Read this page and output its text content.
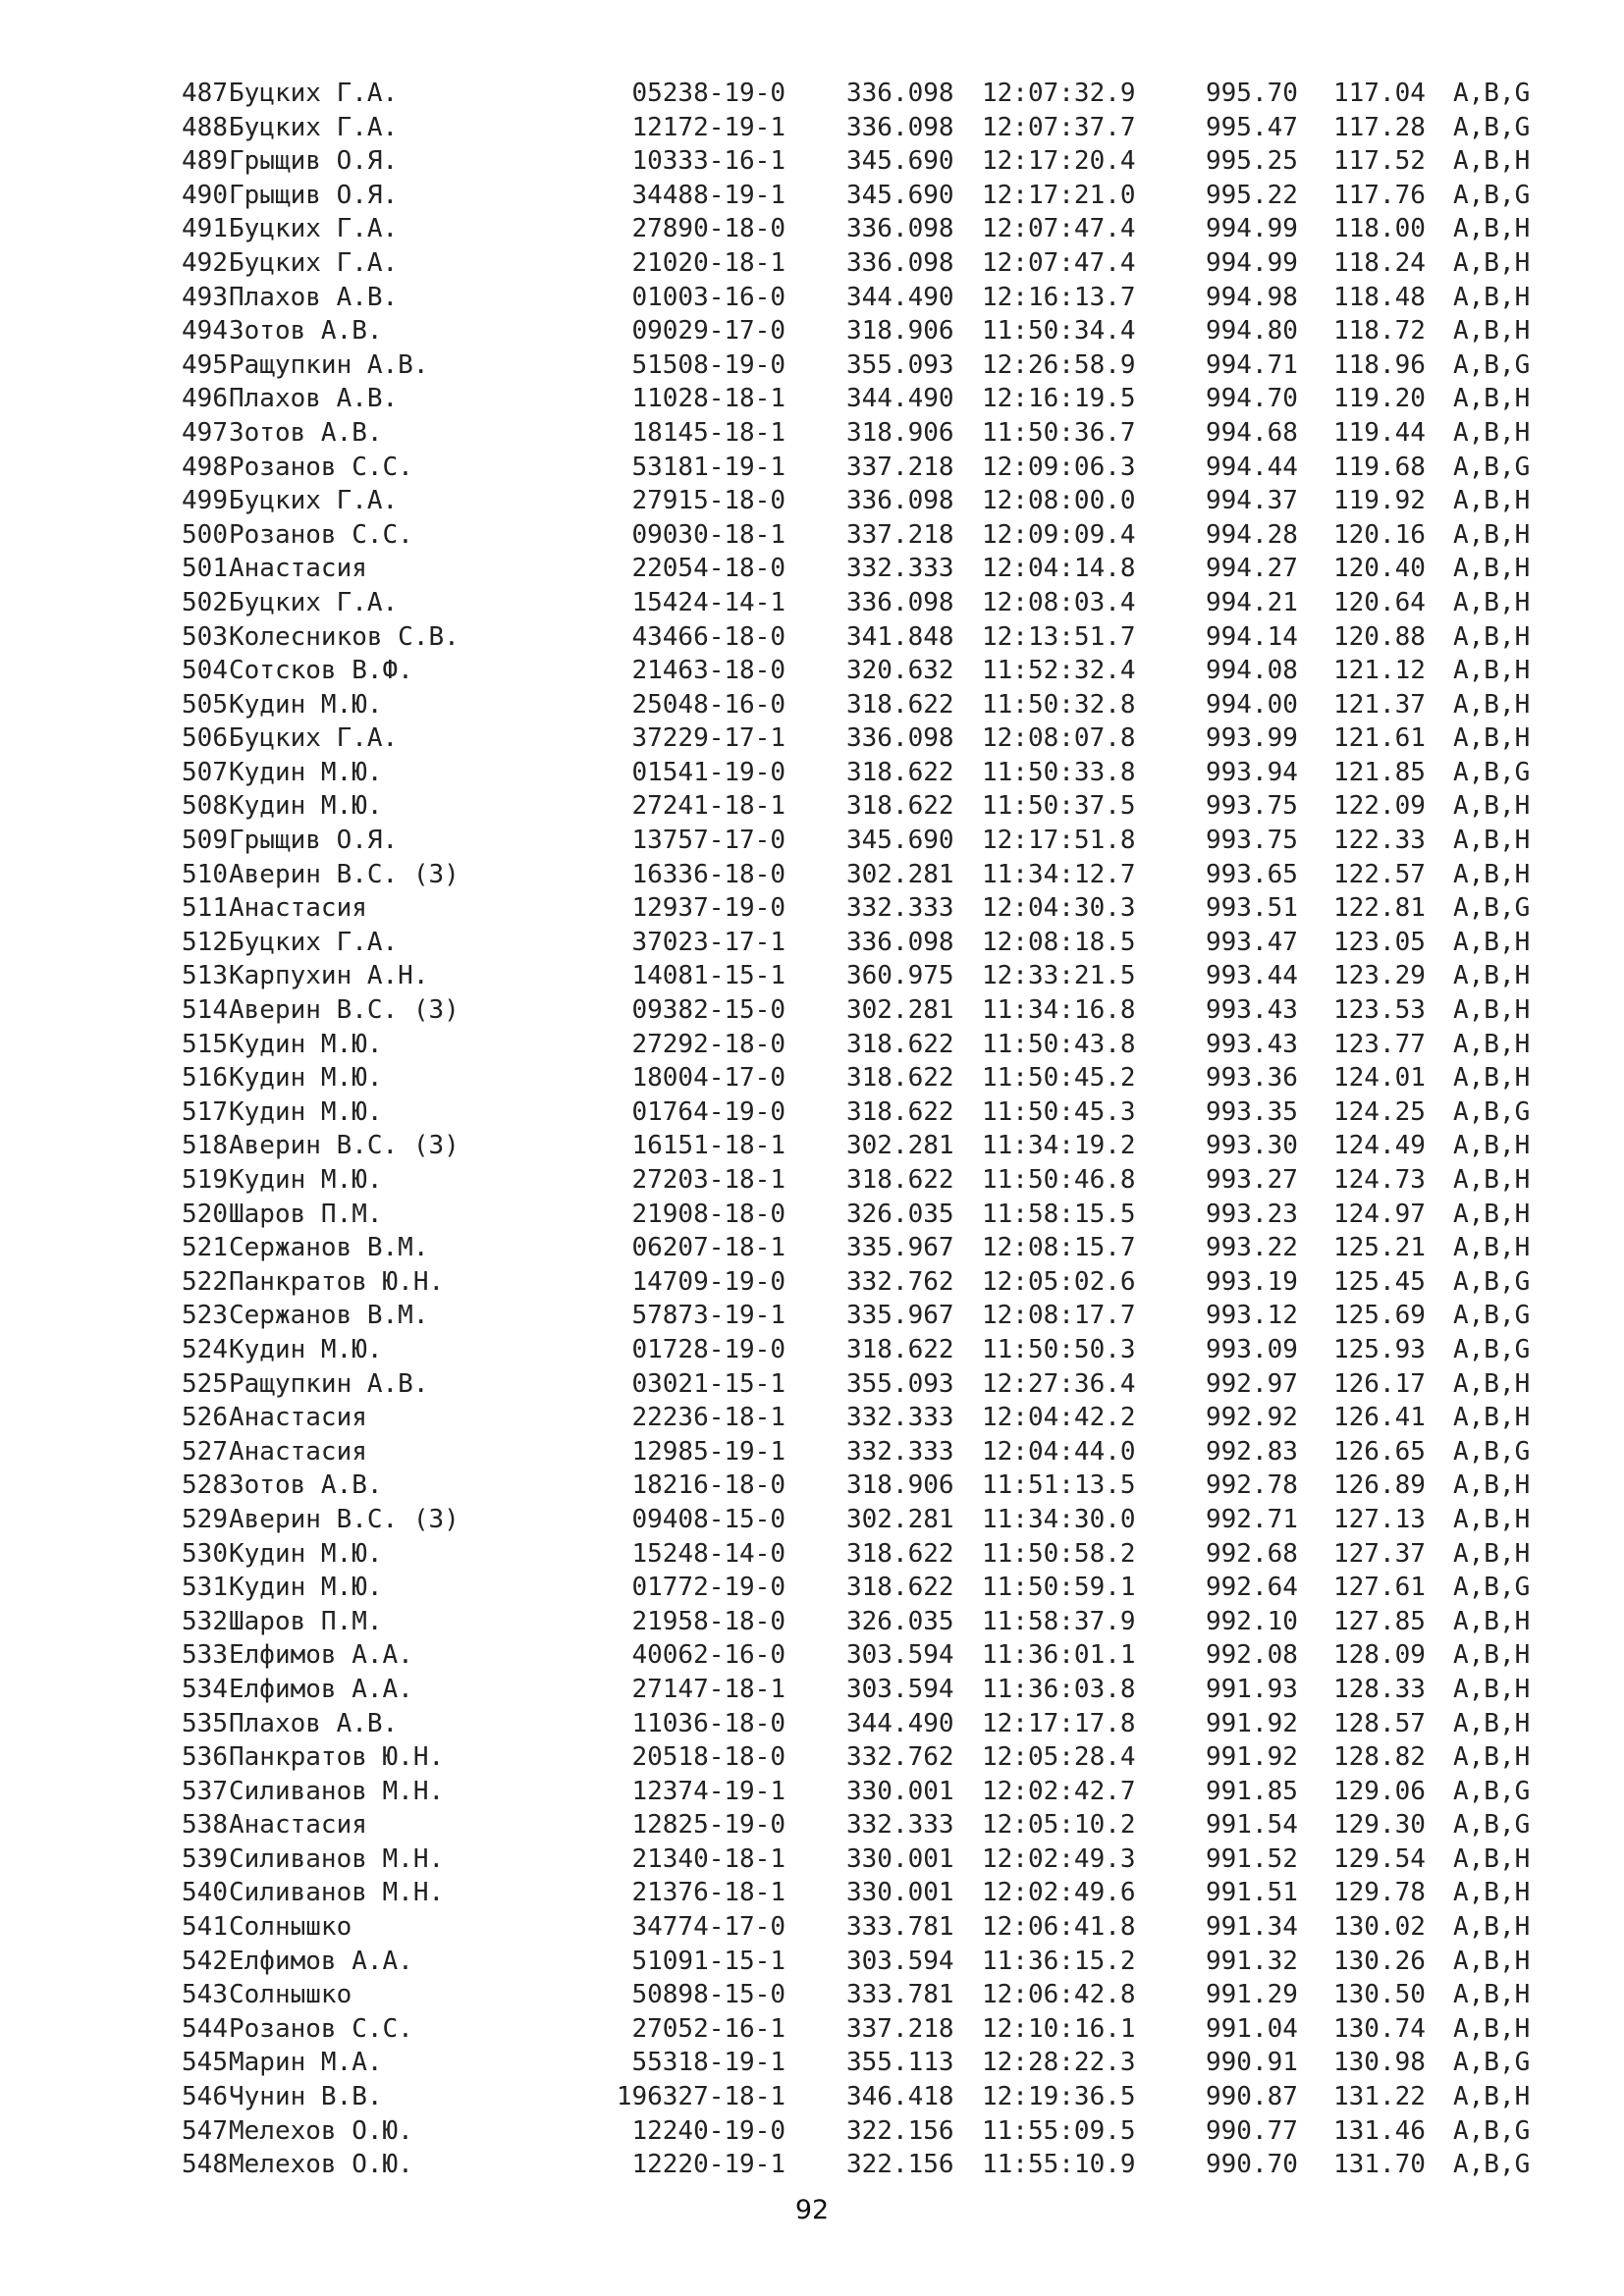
487 Буцких Г.А.	05238-19-0 336.098 12:07:32.9	995.70 117.04 A,B,G
488 Буцких Г.А.	12172-19-1 336.098 12:07:37.7	995.47 117.28 A,B,G
489 Грыщив О.Я.	10333-16-1 345.690 12:17:20.4	995.25 117.52 A,B,H
490 Грыщив О.Я.	34488-19-1 345.690 12:17:21.0	995.22 117.76 A,B,G
491 Буцких Г.А.	27890-18-0 336.098 12:07:47.4	994.99 118.00 A,B,H
492 Буцких Г.А.	21020-18-1 336.098 12:07:47.4	994.99 118.24 A,B,H
493 Плахов А.В.	01003-16-0 344.490 12:16:13.7	994.98 118.48 A,B,H
494 Зотов А.В.	09029-17-0 318.906 11:50:34.4	994.80 118.72 A,B,H
495 Ращупкин А.В.	51508-19-0 355.093 12:26:58.9	994.71 118.96 A,B,G
496 Плахов А.В.	11028-18-1 344.490 12:16:19.5	994.70 119.20 A,B,H
497 Зотов А.В.	18145-18-1 318.906 11:50:36.7	994.68 119.44 A,B,H
498 Розанов С.С.	53181-19-1 337.218 12:09:06.3	994.44 119.68 A,B,G
499 Буцких Г.А.	27915-18-0 336.098 12:08:00.0	994.37 119.92 A,B,H
500 Розанов С.С.	09030-18-1 337.218 12:09:09.4	994.28 120.16 A,B,H
501 Анастасия	22054-18-0 332.333 12:04:14.8	994.27 120.40 A,B,H
502 Буцких Г.А.	15424-14-1 336.098 12:08:03.4	994.21 120.64 A,B,H
503 Колесников С.В.	43466-18-0 341.848 12:13:51.7	994.14 120.88 A,B,H
504 Сотсков В.Ф.	21463-18-0 320.632 11:52:32.4	994.08 121.12 A,B,H
505 Кудин М.Ю.	25048-16-0 318.622 11:50:32.8	994.00 121.37 A,B,H
506 Буцких Г.А.	37229-17-1 336.098 12:08:07.8	993.99 121.61 A,B,H
507 Кудин М.Ю.	01541-19-0 318.622 11:50:33.8	993.94 121.85 A,B,G
508 Кудин М.Ю.	27241-18-1 318.622 11:50:37.5	993.75 122.09 A,B,H
509 Грыщив О.Я.	13757-17-0 345.690 12:17:51.8	993.75 122.33 A,B,H
510 Аверин В.С. (З)	16336-18-0 302.281 11:34:12.7	993.65 122.57 A,B,H
511 Анастасия	12937-19-0 332.333 12:04:30.3	993.51 122.81 A,B,G
512 Буцких Г.А.	37023-17-1 336.098 12:08:18.5	993.47 123.05 A,B,H
513 Карпухин А.Н.	14081-15-1 360.975 12:33:21.5	993.44 123.29 A,B,H
514 Аверин В.С. (З)	09382-15-0 302.281 11:34:16.8	993.43 123.53 A,B,H
515 Кудин М.Ю.	27292-18-0 318.622 11:50:43.8	993.43 123.77 A,B,H
516 Кудин М.Ю.	18004-17-0 318.622 11:50:45.2	993.36 124.01 A,B,H
517 Кудин М.Ю.	01764-19-0 318.622 11:50:45.3	993.35 124.25 A,B,G
518 Аверин В.С. (З)	16151-18-1 302.281 11:34:19.2	993.30 124.49 A,B,H
519 Кудин М.Ю.	27203-18-1 318.622 11:50:46.8	993.27 124.73 A,B,H
520 Шаров П.М.	21908-18-0 326.035 11:58:15.5	993.23 124.97 A,B,H
521 Сержанов В.М.	06207-18-1 335.967 12:08:15.7	993.22 125.21 A,B,H
522 Панкратов Ю.Н.	14709-19-0 332.762 12:05:02.6	993.19 125.45 A,B,G
523 Сержанов В.М.	57873-19-1 335.967 12:08:17.7	993.12 125.69 A,B,G
524 Кудин М.Ю.	01728-19-0 318.622 11:50:50.3	993.09 125.93 A,B,G
525 Ращупкин А.В.	03021-15-1 355.093 12:27:36.4	992.97 126.17 A,B,H
526 Анастасия	22236-18-1 332.333 12:04:42.2	992.92 126.41 A,B,H
527 Анастасия	12985-19-1 332.333 12:04:44.0	992.83 126.65 A,B,G
528 Зотов А.В.	18216-18-0 318.906 11:51:13.5	992.78 126.89 A,B,H
529 Аверин В.С. (З)	09408-15-0 302.281 11:34:30.0	992.71 127.13 A,B,H
530 Кудин М.Ю.	15248-14-0 318.622 11:50:58.2	992.68 127.37 A,B,H
531 Кудин М.Ю.	01772-19-0 318.622 11:50:59.1	992.64 127.61 A,B,G
532 Шаров П.М.	21958-18-0 326.035 11:58:37.9	992.10 127.85 A,B,H
533 Елфимов А.А.	40062-16-0 303.594 11:36:01.1	992.08 128.09 A,B,H
534 Елфимов А.А.	27147-18-1 303.594 11:36:03.8	991.93 128.33 A,B,H
535 Плахов А.В.	11036-18-0 344.490 12:17:17.8	991.92 128.57 A,B,H
536 Панкратов Ю.Н.	20518-18-0 332.762 12:05:28.4	991.92 128.82 A,B,H
537 Силиванов М.Н.	12374-19-1 330.001 12:02:42.7	991.85 129.06 A,B,G
538 Анастасия	12825-19-0 332.333 12:05:10.2	991.54 129.30 A,B,G
539 Силиванов М.Н.	21340-18-1 330.001 12:02:49.3	991.52 129.54 A,B,H
540 Силиванов М.Н.	21376-18-1 330.001 12:02:49.6	991.51 129.78 A,B,H
541 Солнышко	34774-17-0 333.781 12:06:41.8	991.34 130.02 A,B,H
542 Елфимов А.А.	51091-15-1 303.594 11:36:15.2	991.32 130.26 A,B,H
543 Солнышко	50898-15-0 333.781 12:06:42.8	991.29 130.50 A,B,H
544 Розанов С.С.	27052-16-1 337.218 12:10:16.1	991.04 130.74 A,B,H
545 Марин М.А.	55318-19-1 355.113 12:28:22.3	990.91 130.98 A,B,G
546 Чунин В.В.	196327-18-1 346.418 12:19:36.5	990.87 131.22 A,B,H
547 Мелехов О.Ю.	12240-19-0 322.156 11:55:09.5	990.77 131.46 A,B,G
548 Мелехов О.Ю.	12220-19-1 322.156 11:55:10.9	990.70 131.70 A,B,G
92
